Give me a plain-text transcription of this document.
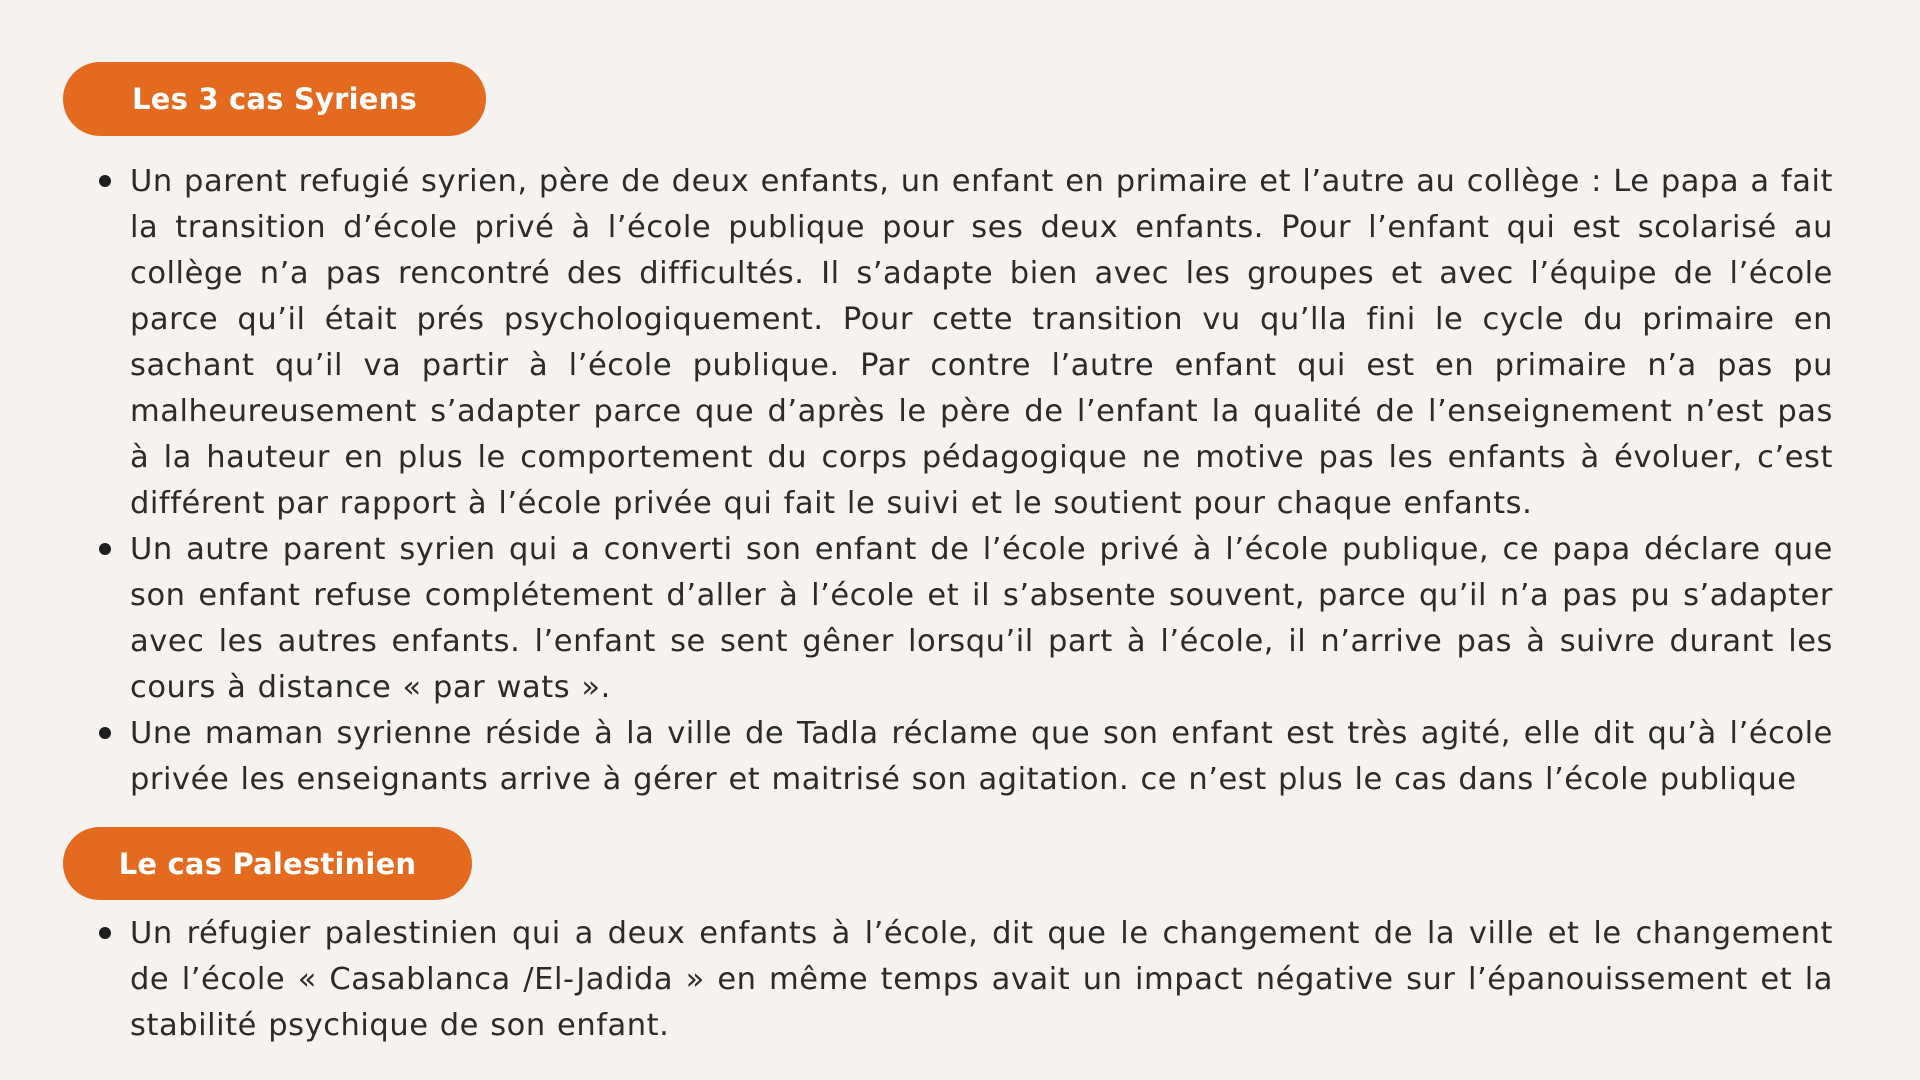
Les 3 cas Syriens
Un parent refugié syrien, père de deux enfants, un enfant en primaire et l’autre au collège : Le papa a fait la transition d’école privé à l’école publique pour ses deux enfants. Pour l’enfant qui est scolarisé au collège n’a pas rencontré des difficultés. Il s’adapte bien avec les groupes et avec l’équipe de l’école parce qu’il était prés psychologiquement. Pour cette transition vu qu’lla fini le cycle du primaire en sachant qu’il va partir à l’école publique. Par contre l’autre enfant qui est en primaire n’a pas pu malheureusement s’adapter parce que d’après le père de l’enfant la qualité de l’enseignement n’est pas à la hauteur en plus le comportement du corps pédagogique ne motive pas les enfants à évoluer, c’est différent par rapport à l’école privée qui fait le suivi et le soutient pour chaque enfants.
Un autre parent syrien qui a converti son enfant de l’école privé à l’école publique, ce papa déclare que son enfant refuse complétement d’aller à l’école et il s’absente souvent, parce qu’il n’a pas pu s’adapter avec les autres enfants. l’enfant se sent gêner lorsqu’il part à l’école, il n’arrive pas à suivre durant les cours à distance « par wats ».
Une maman syrienne réside à la ville de Tadla réclame que son enfant est très agité, elle dit qu’à l’école privée les enseignants arrive à gérer et maitrisé son agitation. ce n’est plus le cas dans l’école publique
Le cas Palestinien
Un réfugier palestinien qui a deux enfants à l’école, dit que le changement de la ville et le changement de l’école « Casablanca /El-Jadida » en même temps avait un impact négative sur l’épanouissement et la stabilité psychique de son enfant.
